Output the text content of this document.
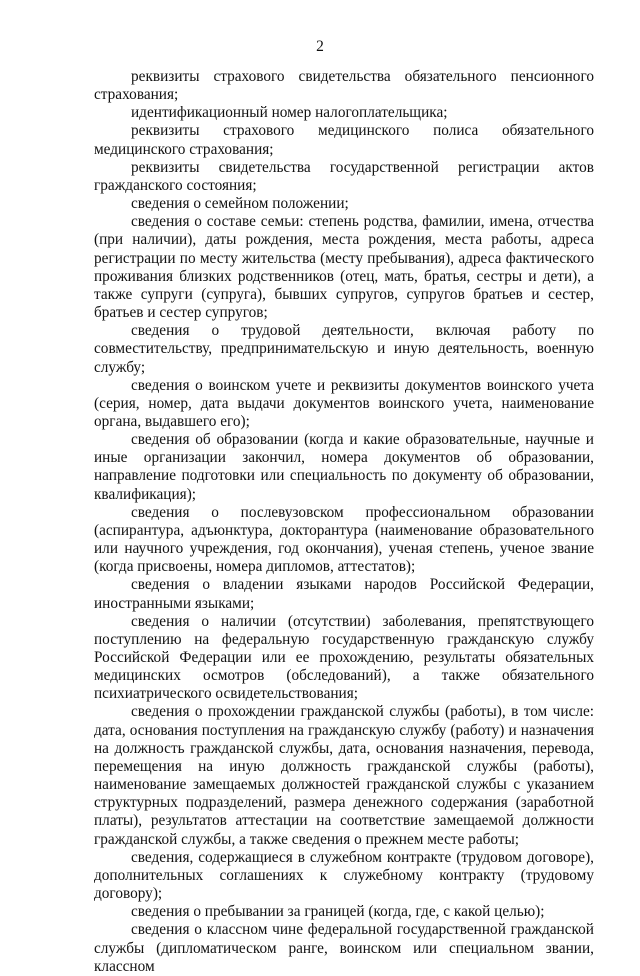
2

реквизиты страхового свидетельства обязательного пенсионного страхования;

идентификационный номер налогоплательщика;

реквизиты страхового медицинского полиса обязательного медицинского страхования;

реквизиты свидетельства государственной регистрации актов гражданского состояния;

сведения о семейном положении;

сведения о составе семьи: степень родства, фамилии, имена, отчества (при наличии), даты рождения, места рождения, места работы, адреса регистрации по месту жительства (месту пребывания), адреса фактического проживания близких родственников (отец, мать, братья, сестры и дети), а также супруги (супруга), бывших супругов, супругов братьев и сестер, братьев и сестер супругов;

сведения о трудовой деятельности, включая работу по совместительству, предпринимательскую и иную деятельность, военную службу;

сведения о воинском учете и реквизиты документов воинского учета (серия, номер, дата выдачи документов воинского учета, наименование органа, выдавшего его);

сведения об образовании (когда и какие образовательные, научные и иные организации закончил, номера документов об образовании, направление подготовки или специальность по документу об образовании, квалификация);

сведения о послевузовском профессиональном образовании (аспирантура, адъюнктура, докторантура (наименование образовательного или научного учреждения, год окончания), ученая степень, ученое звание (когда присвоены, номера дипломов, аттестатов);

сведения о владении языками народов Российской Федерации, иностранными языками;

сведения о наличии (отсутствии) заболевания, препятствующего поступлению на федеральную государственную гражданскую службу Российской Федерации или ее прохождению, результаты обязательных медицинских осмотров (обследований), а также обязательного психиатрического освидетельствования;

сведения о прохождении гражданской службы (работы), в том числе: дата, основания поступления на гражданскую службу (работу) и назначения на должность гражданской службы, дата, основания назначения, перевода, перемещения на иную должность гражданской службы (работы), наименование замещаемых должностей гражданской службы с указанием структурных подразделений, размера денежного содержания (заработной платы), результатов аттестации на соответствие замещаемой должности гражданской службы, а также сведения о прежнем месте работы;

сведения, содержащиеся в служебном контракте (трудовом договоре), дополнительных соглашениях к служебному контракту (трудовому договору);

сведения о пребывании за границей (когда, где, с какой целью);

сведения о классном чине федеральной государственной гражданской службы (дипломатическом ранге, воинском или специальном звании, классном
